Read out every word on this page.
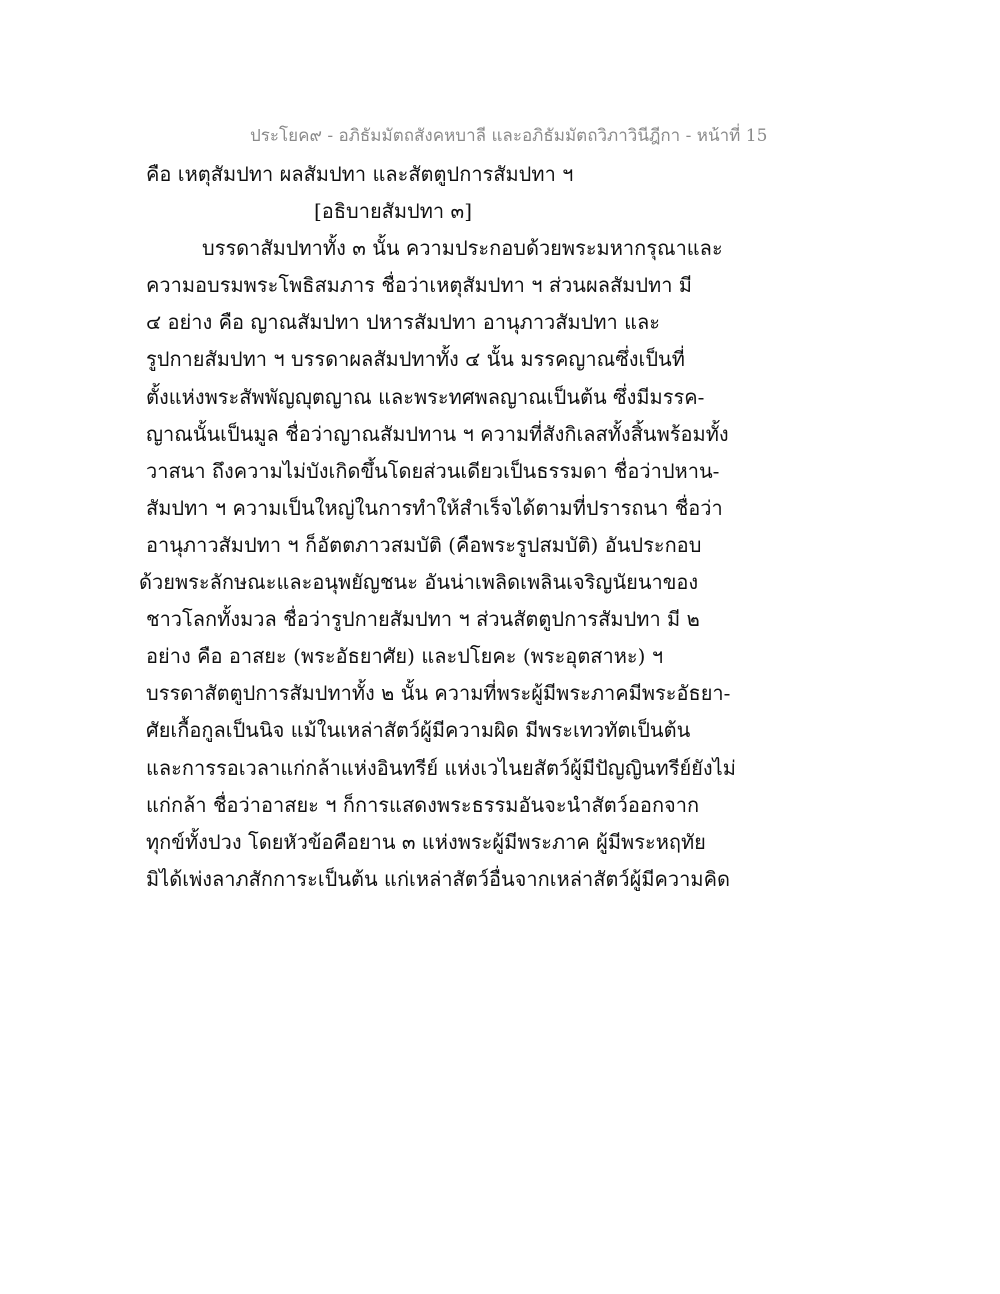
ประโยค๙ - อภิธัมมัตถสังคหบาลี และอภิธัมมัตถวิภาวินีฎีกา - หน้าที่ 15
คือ เหตุสัมปทา ผลสัมปทา และสัตตูปการสัมปทา ฯ
[อธิบายสัมปทา ๓]
บรรดาสัมปทาทั้ง ๓ นั้น ความประกอบด้วยพระมหากรุณาและ
ความอบรมพระโพธิสมภาร ชื่อว่าเหตุสัมปทา ฯ ส่วนผลสัมปทา มี
๔ อย่าง คือ ญาณสัมปทา ปหารสัมปทา อานุภาวสัมปทา และ
รูปกายสัมปทา ฯ บรรดาผลสัมปทาทั้ง ๔ นั้น มรรคญาณซึ่งเป็นที่
ตั้งแห่งพระสัพพัญญุตญาณ และพระทศพลญาณเป็นต้น ซึ่งมีมรรค-
ญาณนั้นเป็นมูล ชื่อว่าญาณสัมปทาน ฯ ความที่สังกิเลสทั้งสิ้นพร้อมทั้ง
วาสนา ถึงความไม่บังเกิดขึ้นโดยส่วนเดียวเป็นธรรมดา ชื่อว่าปหาน-
สัมปทา ฯ ความเป็นใหญ่ในการทำให้สำเร็จได้ตามที่ปรารถนา ชื่อว่า
อานุภาวสัมปทา ฯ ก็อัตตภาวสมบัติ (คือพระรูปสมบัติ) อันประกอบ
ด้วยพระลักษณะและอนุพยัญชนะ อันน่าเพลิดเพลินเจริญนัยนาของ
ชาวโลกทั้งมวล ชื่อว่ารูปกายสัมปทา ฯ ส่วนสัตตูปการสัมปทา มี ๒
อย่าง คือ อาสยะ (พระอัธยาศัย) และปโยคะ (พระอุตสาหะ) ฯ
บรรดาสัตตูปการสัมปทาทั้ง ๒ นั้น ความที่พระผู้มีพระภาคมีพระอัธยา-
ศัยเกื้อกูลเป็นนิจ แม้ในเหล่าสัตว์ผู้มีความผิด มีพระเทวทัตเป็นต้น
และการรอเวลาแก่กล้าแห่งอินทรีย์ แห่งเวไนยสัตว์ผู้มีปัญญินทรีย์ยังไม่
แก่กล้า ชื่อว่าอาสยะ ฯ ก็การแสดงพระธรรมอันจะนำสัตว์ออกจาก
ทุกข์ทั้งปวง โดยหัวข้อคือยาน ๓ แห่งพระผู้มีพระภาค ผู้มีพระหฤทัย
มิได้เพ่งลาภสักการะเป็นต้น แก่เหล่าสัตว์อื่นจากเหล่าสัตว์ผู้มีความคิด
